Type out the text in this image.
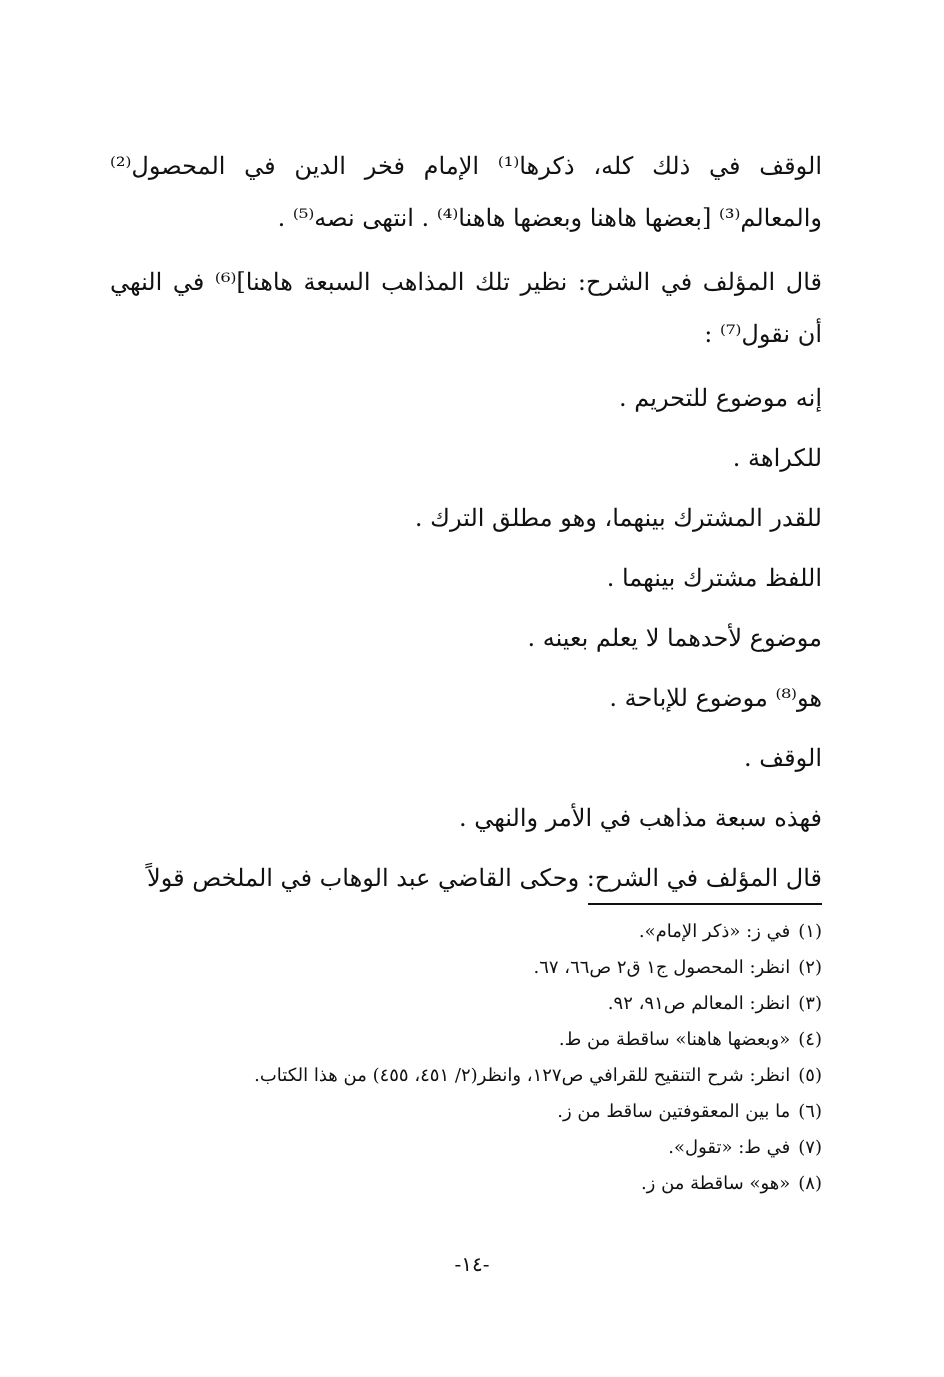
الوقف في ذلك كله، ذكرها⁽¹⁾ الإمام فخر الدين في المحصول⁽²⁾ والمعالم⁽³⁾ [بعضها هاهنا وبعضها هاهنا⁽⁴⁾ . انتهى نصه⁽⁵⁾ .

قال المؤلف في الشرح: نظير تلك المذاهب السبعة هاهنا]⁽⁶⁾ في النهي أن نقول⁽⁷⁾ :

إنه موضوع للتحريم .

للكراهة .

للقدر المشترك بينهما، وهو مطلق الترك .

اللفظ مشترك بينهما .

موضوع لأحدهما لا يعلم بعينه .

هو⁽⁸⁾ موضوع للإباحة .

الوقف .

فهذه سبعة مذاهب في الأمر والنهي .

قال المؤلف في الشرح: وحكى القاضي عبد الوهاب في الملخص قولاً

(١)في ز: «ذكر الإمام».

(٢)انظر: المحصول ج١ ق٢ ص٦٦، ٦٧.

(٣)انظر: المعالم ص٩١، ٩٢.

(٤)«وبعضها هاهنا» ساقطة من ط.

(٥)انظر: شرح التنقيح للقرافي ص١٢٧، وانظر(٢/ ٤٥١، ٤٥٥) من هذا الكتاب.

(٦)ما بين المعقوفتين ساقط من ز.

(٧)في ط: «تقول».

(٨)«هو» ساقطة من ز.

-١٤-
